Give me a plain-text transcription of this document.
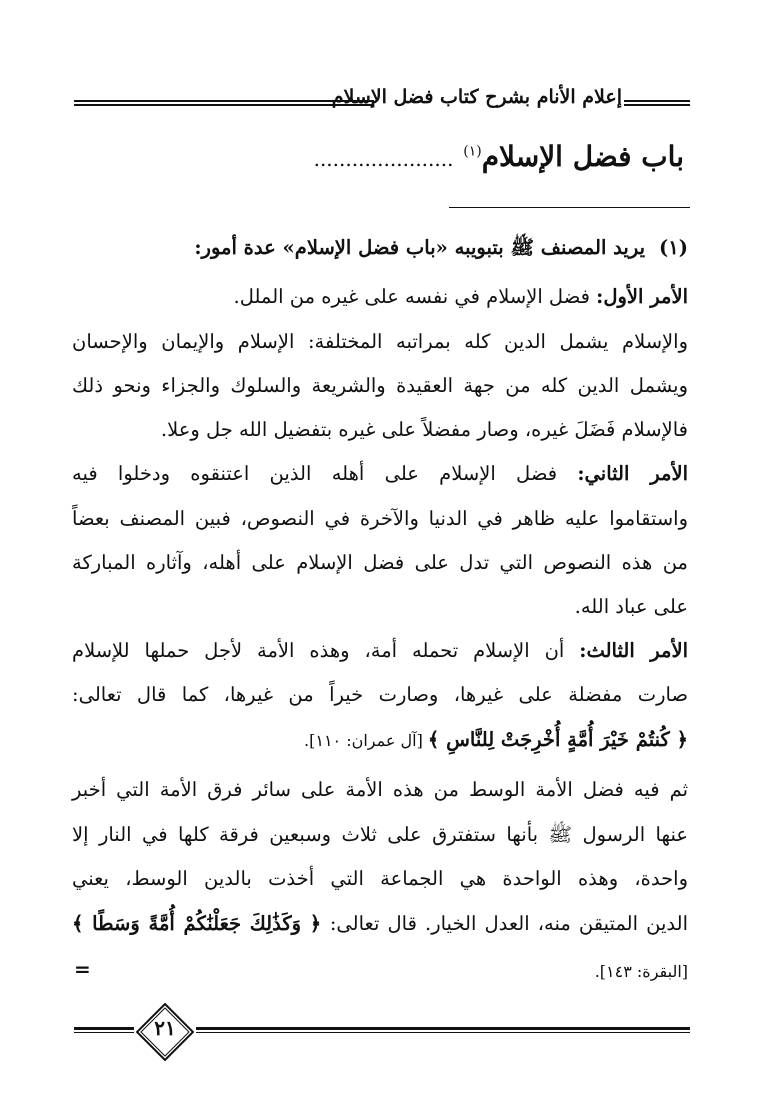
إعلام الأنام بشرح كتاب فضل الإسلام
باب فضل الإسلام$^{(١)}$ ......................
(١)يريد المصنف ﷺ بتبويبه «باب فضل الإسلام» عدة أمور:
الأمر الأول: فضل الإسلام في نفسه على غيره من الملل.
والإسلام يشمل الدين كله بمراتبه المختلفة: الإسلام والإيمان والإحسان
ويشمل الدين كله من جهة العقيدة والشريعة والسلوك والجزاء ونحو ذلك
فالإسلام فَضَلَ غيره، وصار مفضلاً على غيره بتفضيل الله جل وعلا.
الأمر الثاني: فضل الإسلام على أهله الذين اعتنقوه ودخلوا فيه
واستقاموا عليه ظاهر في الدنيا والآخرة في النصوص، فبين المصنف بعضاً
من هذه النصوص التي تدل على فضل الإسلام على أهله، وآثاره المباركة
على عباد الله.
الأمر الثالث: أن الإسلام تحمله أمة، وهذه الأمة لأجل حملها للإسلام
صارت مفضلة على غيرها، وصارت خيراً من غيرها، كما قال تعالى:
﴿ كُنتُمْ خَيْرَ أُمَّةٍ أُخْرِجَتْ لِلنَّاسِ ﴾ [آل عمران: ١١٠].
ثم فيه فضل الأمة الوسط من هذه الأمة على سائر فرق الأمة التي أخبر
عنها الرسول ﷺ بأنها ستفترق على ثلاث وسبعين فرقة كلها في النار إلا
واحدة، وهذه الواحدة هي الجماعة التي أخذت بالدين الوسط، يعني
الدين المتيقن منه، العدل الخيار. قال تعالى: ﴿ وَكَذَٰلِكَ جَعَلْنَٰكُمْ أُمَّةً وَسَطًا ﴾
[البقرة: ١٤٣].
=
٢١
